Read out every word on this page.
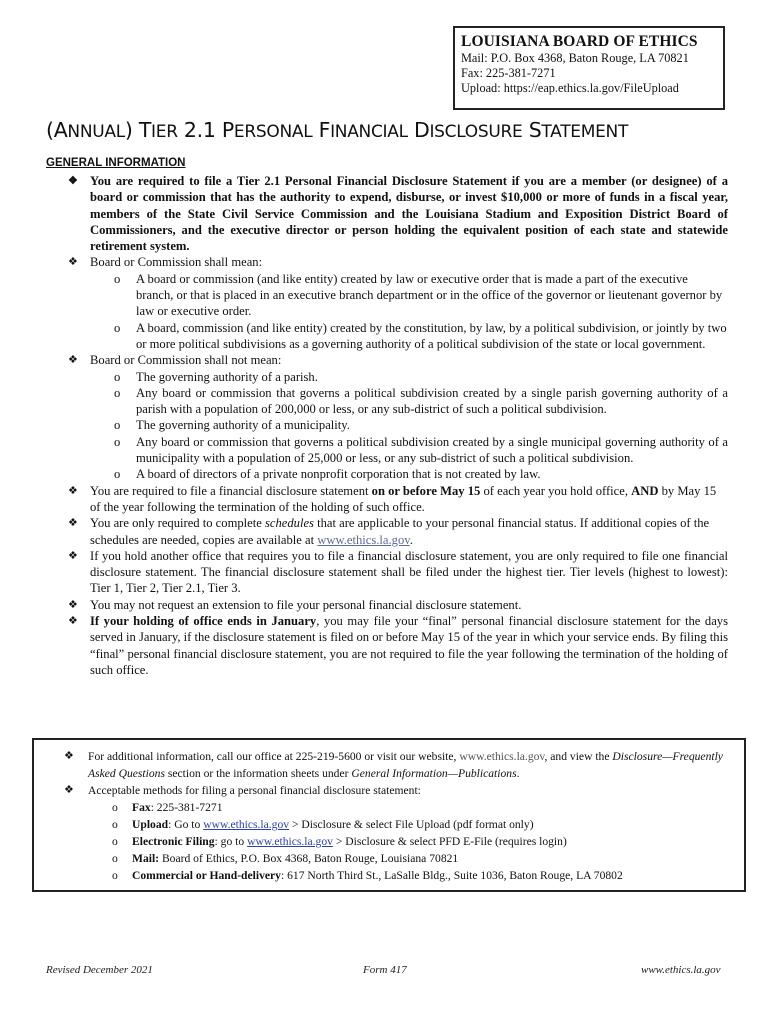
LOUISIANA BOARD OF ETHICS
Mail: P.O. Box 4368, Baton Rouge, LA 70821
Fax: 225-381-7271
Upload: https://eap.ethics.la.gov/FileUpload
(ANNUAL) TIER 2.1 PERSONAL FINANCIAL DISCLOSURE STATEMENT
GENERAL INFORMATION
❖ You are required to file a Tier 2.1 Personal Financial Disclosure Statement if you are a member (or designee) of a board or commission that has the authority to expend, disburse, or invest $10,000 or more of funds in a fiscal year, members of the State Civil Service Commission and the Louisiana Stadium and Exposition District Board of Commissioners, and the executive director or person holding the equivalent position of each state and statewide retirement system.
❖ Board or Commission shall mean:
o A board or commission (and like entity) created by law or executive order that is made a part of the executive branch, or that is placed in an executive branch department or in the office of the governor or lieutenant governor by law or executive order.
o A board, commission (and like entity) created by the constitution, by law, by a political subdivision, or jointly by two or more political subdivisions as a governing authority of a political subdivision of the state or local government.
❖ Board or Commission shall not mean:
o The governing authority of a parish.
o Any board or commission that governs a political subdivision created by a single parish governing authority of a parish with a population of 200,000 or less, or any sub-district of such a political subdivision.
o The governing authority of a municipality.
o Any board or commission that governs a political subdivision created by a single municipal governing authority of a municipality with a population of 25,000 or less, or any sub-district of such a political subdivision.
o A board of directors of a private nonprofit corporation that is not created by law.
❖ You are required to file a financial disclosure statement on or before May 15 of each year you hold office, AND by May 15 of the year following the termination of the holding of such office.
❖ You are only required to complete schedules that are applicable to your personal financial status. If additional copies of the schedules are needed, copies are available at www.ethics.la.gov.
❖ If you hold another office that requires you to file a financial disclosure statement, you are only required to file one financial disclosure statement. The financial disclosure statement shall be filed under the highest tier. Tier levels (highest to lowest): Tier 1, Tier 2, Tier 2.1, Tier 3.
❖ You may not request an extension to file your personal financial disclosure statement.
❖ If your holding of office ends in January, you may file your “final” personal financial disclosure statement for the days served in January, if the disclosure statement is filed on or before May 15 of the year in which your service ends. By filing this “final” personal financial disclosure statement, you are not required to file the year following the termination of the holding of such office.
❖ For additional information, call our office at 225-219-5600 or visit our website, www.ethics.la.gov, and view the Disclosure—Frequently Asked Questions section or the information sheets under General Information—Publications.
❖ Acceptable methods for filing a personal financial disclosure statement:
o Fax: 225-381-7271
o Upload: Go to www.ethics.la.gov > Disclosure & select File Upload (pdf format only)
o Electronic Filing: go to www.ethics.la.gov > Disclosure & select PFD E-File (requires login)
o Mail: Board of Ethics, P.O. Box 4368, Baton Rouge, Louisiana 70821
o Commercial or Hand-delivery: 617 North Third St., LaSalle Bldg., Suite 1036, Baton Rouge, LA 70802
Revised December 2021	Form 417	www.ethics.la.gov
